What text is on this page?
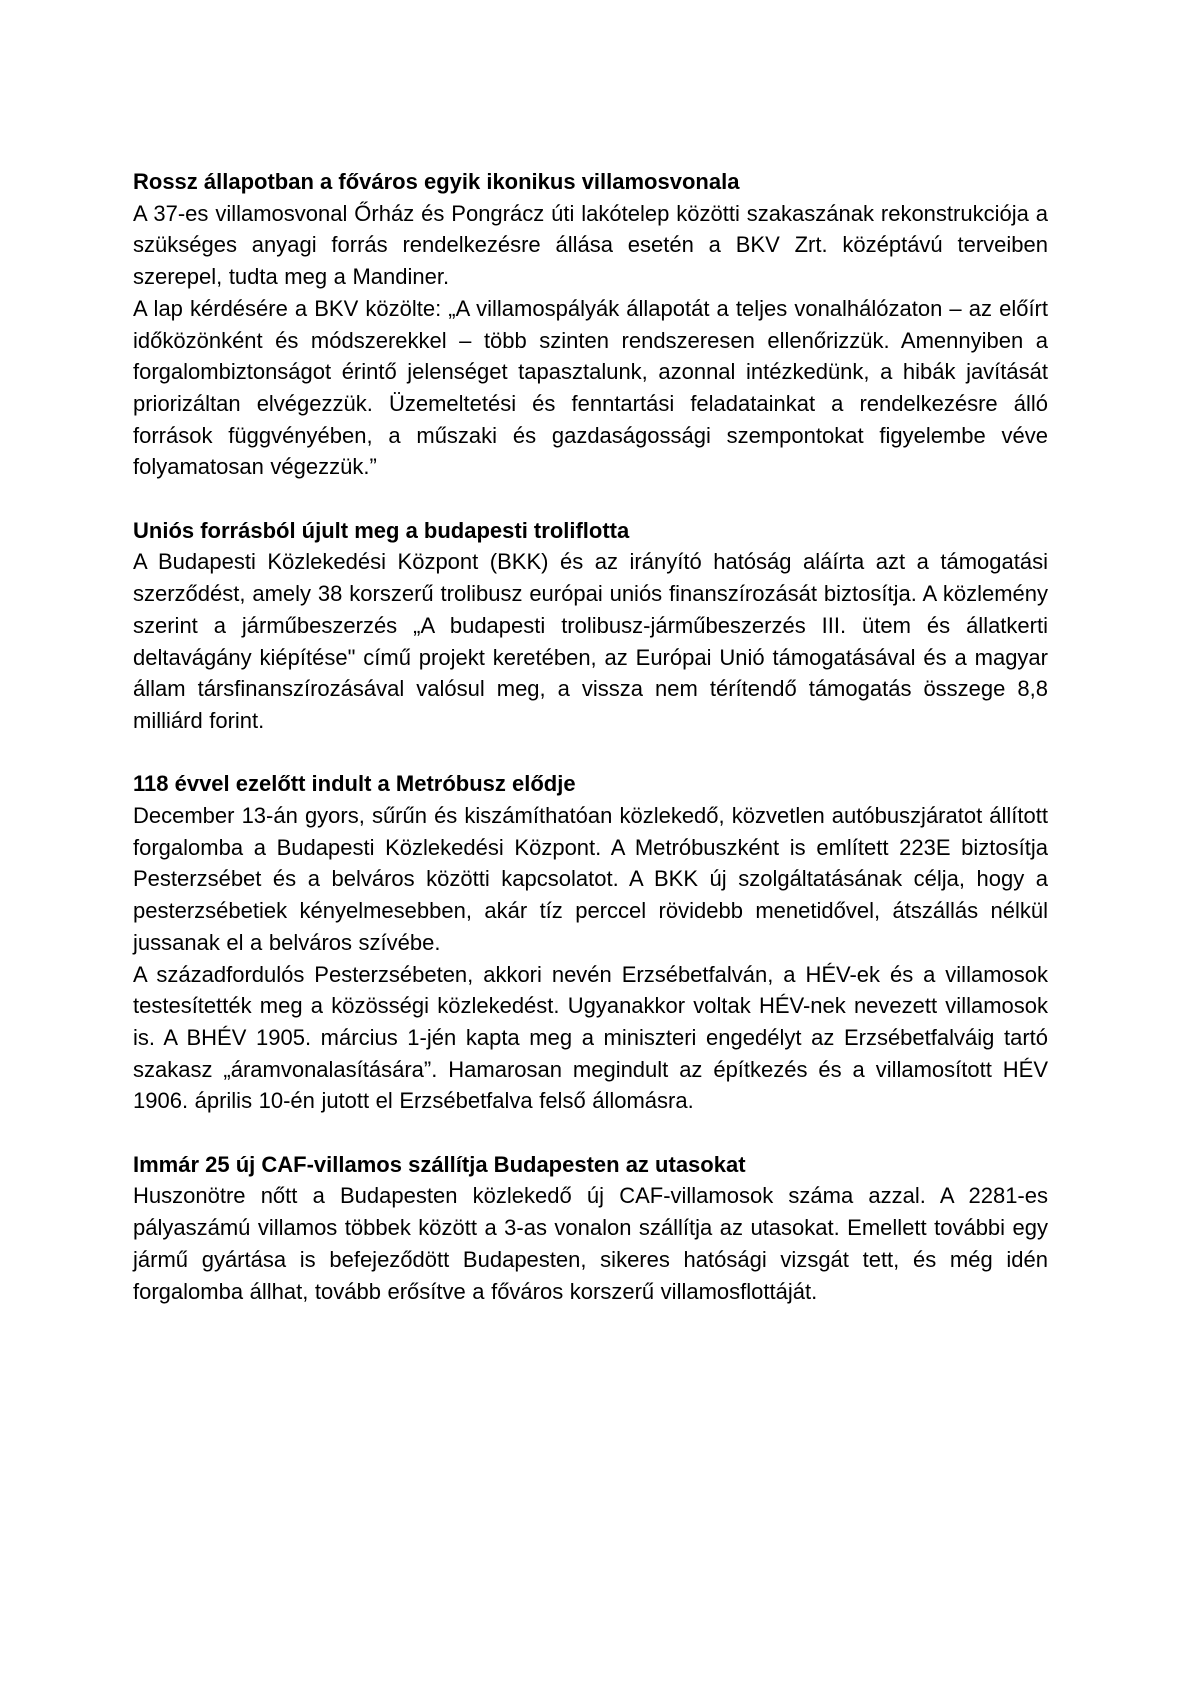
Rossz állapotban a főváros egyik ikonikus villamosvonala

A 37-es villamosvonal Őrház és Pongrácz úti lakótelep közötti szakaszának rekonstrukciója a szükséges anyagi forrás rendelkezésre állása esetén a BKV Zrt. középtávú terveiben szerepel, tudta meg a Mandiner.

A lap kérdésére a BKV közölte: „A villamospályák állapotát a teljes vonalhálózaton – az előírt időközönként és módszerekkel – több szinten rendszeresen ellenőrizzük. Amennyiben a forgalombiztonságot érintő jelenséget tapasztalunk, azonnal intézkedünk, a hibák javítását priorizáltan elvégezzük. Üzemeltetési és fenntartási feladatainkat a rendelkezésre álló források függvényében, a műszaki és gazdaságossági szempontokat figyelembe véve folyamatosan végezzük.”

Uniós forrásból újult meg a budapesti troliflotta

A Budapesti Közlekedési Központ (BKK) és az irányító hatóság aláírta azt a támogatási szerződést, amely 38 korszerű trolibusz európai uniós finanszírozását biztosítja. A közlemény szerint a járműbeszerzés „A budapesti trolibusz-járműbeszerzés III. ütem és állatkerti deltavágány kiépítése" című projekt keretében, az Európai Unió támogatásával és a magyar állam társfinanszírozásával valósul meg, a vissza nem térítendő támogatás összege 8,8 milliárd forint.

118 évvel ezelőtt indult a Metróbusz elődje

December 13-án gyors, sűrűn és kiszámíthatóan közlekedő, közvetlen autóbuszjáratot állított forgalomba a Budapesti Közlekedési Központ. A Metróbuszként is említett 223E biztosítja Pesterzsébet és a belváros közötti kapcsolatot. A BKK új szolgáltatásának célja, hogy a pesterzsébetiek kényelmesebben, akár tíz perccel rövidebb menetidővel, átszállás nélkül jussanak el a belváros szívébe.

A századfordulós Pesterzsébeten, akkori nevén Erzsébetfalván, a HÉV-ek és a villamosok testesítették meg a közösségi közlekedést. Ugyanakkor voltak HÉV-nek nevezett villamosok is. A BHÉV 1905. március 1-jén kapta meg a miniszteri engedélyt az Erzsébetfalváig tartó szakasz „áramvonalasítására”. Hamarosan megindult az építkezés és a villamosított HÉV 1906. április 10-én jutott el Erzsébetfalva felső állomásra.

Immár 25 új CAF-villamos szállítja Budapesten az utasokat

Huszonötre nőtt a Budapesten közlekedő új CAF-villamosok száma azzal. A 2281-es pályaszámú villamos többek között a 3-as vonalon szállítja az utasokat. Emellett további egy jármű gyártása is befejeződött Budapesten, sikeres hatósági vizsgát tett, és még idén forgalomba állhat, tovább erősítve a főváros korszerű villamosflottáját.
